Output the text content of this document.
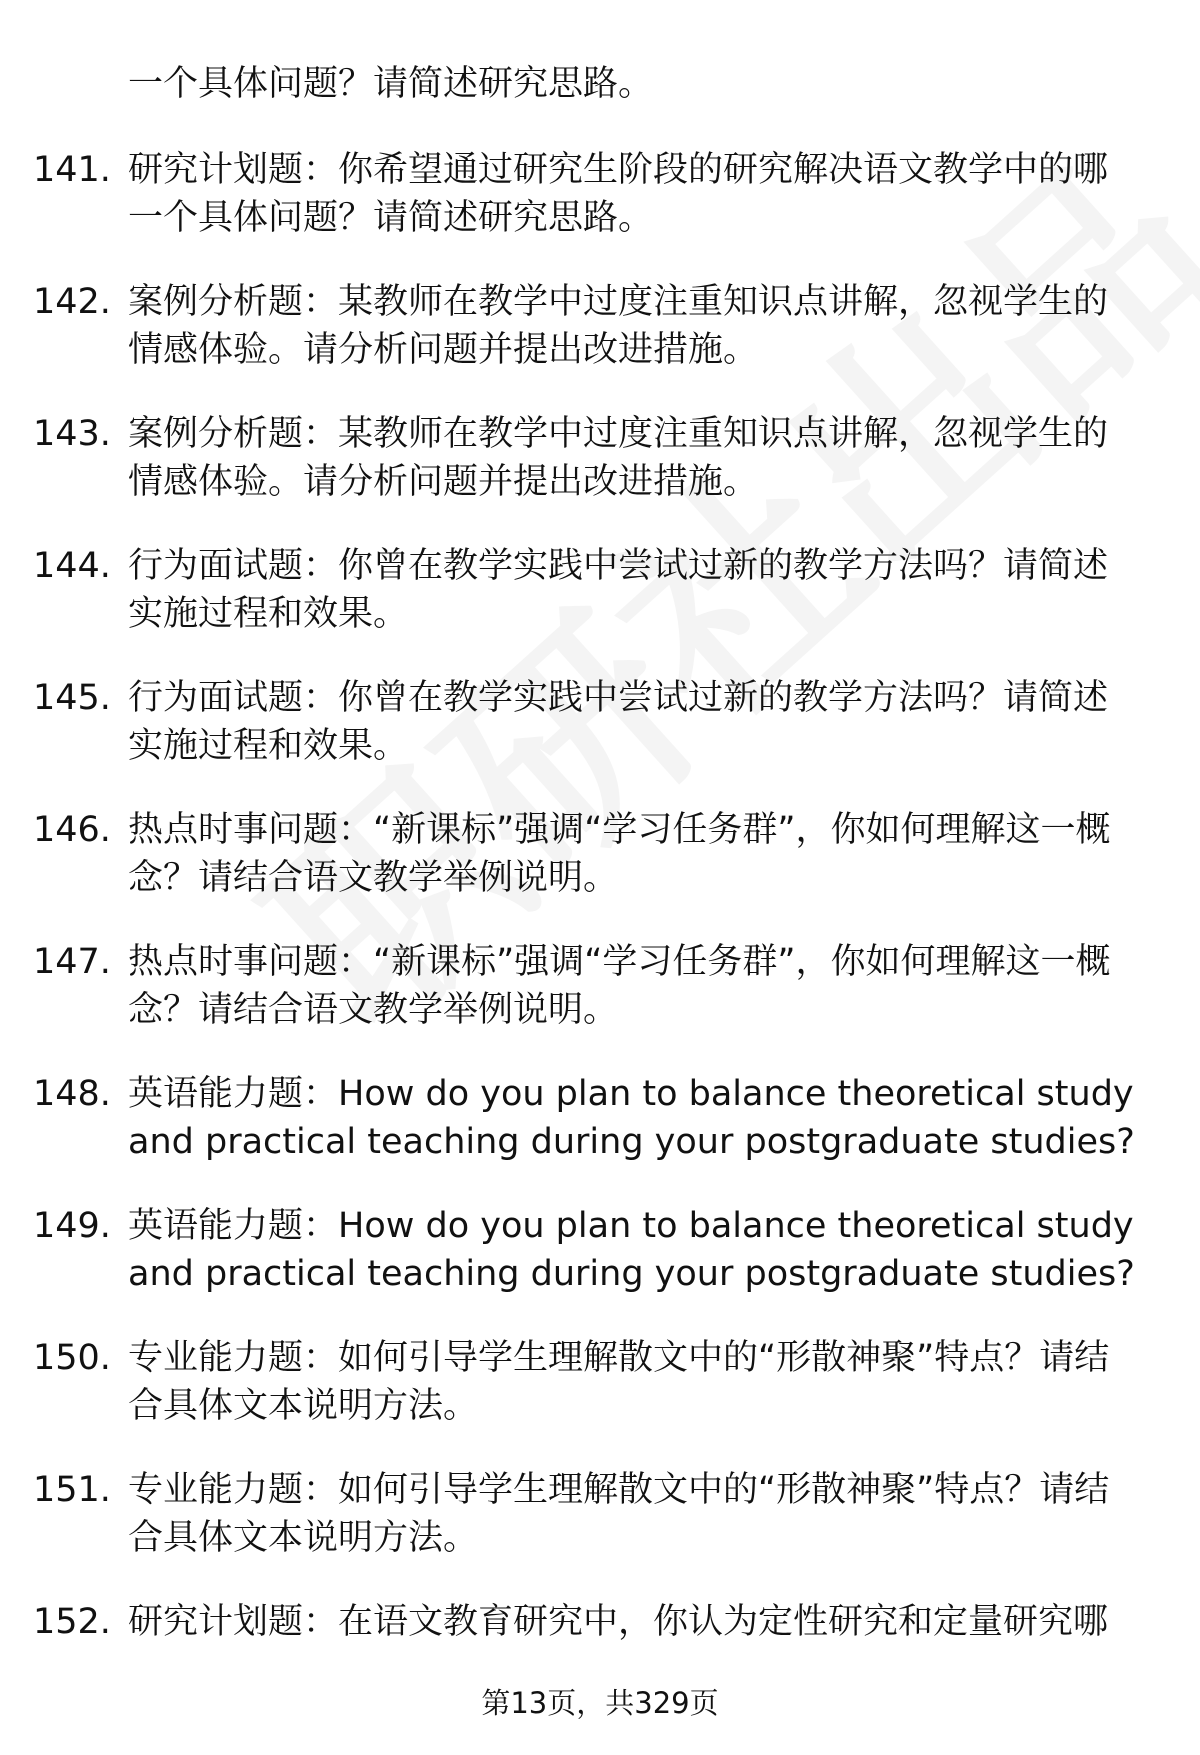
一个具体问题？请简述研究思路。
141. 研究计划题：你希望通过研究生阶段的研究解决语文教学中的哪一个具体问题？请简述研究思路。
142. 案例分析题：某教师在教学中过度注重知识点讲解，忽视学生的情感体验。请分析问题并提出改进措施。
143. 案例分析题：某教师在教学中过度注重知识点讲解，忽视学生的情感体验。请分析问题并提出改进措施。
144. 行为面试题：你曾在教学实践中尝试过新的教学方法吗？请简述实施过程和效果。
145. 行为面试题：你曾在教学实践中尝试过新的教学方法吗？请简述实施过程和效果。
146. 热点时事问题：“新课标”强调“学习任务群”，你如何理解这一概念？请结合语文教学举例说明。
147. 热点时事问题：“新课标”强调“学习任务群”，你如何理解这一概念？请结合语文教学举例说明。
148. 英语能力题：How do you plan to balance theoretical study and practical teaching during your postgraduate studies?
149. 英语能力题：How do you plan to balance theoretical study and practical teaching during your postgraduate studies?
150. 专业能力题：如何引导学生理解散文中的“形散神聚”特点？请结合具体文本说明方法。
151. 专业能力题：如何引导学生理解散文中的“形散神聚”特点？请结合具体文本说明方法。
152. 研究计划题：在语文教育研究中，你认为定性研究和定量研究哪
第13页，共329页
